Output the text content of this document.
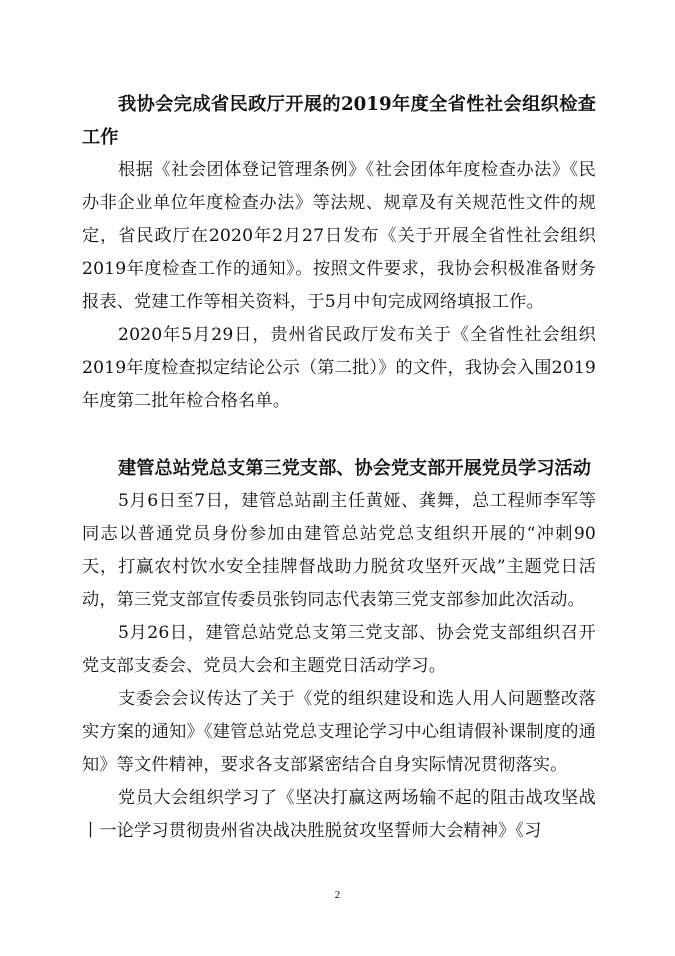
我协会完成省民政厅开展的2019年度全省性社会组织检查工作

根据《社会团体登记管理条例》《社会团体年度检查办法》《民办非企业单位年度检查办法》等法规、规章及有关规范性文件的规定，省民政厅在2020年2月27日发布《关于开展全省性社会组织2019年度检查工作的通知》。按照文件要求，我协会积极准备财务报表、党建工作等相关资料，于5月中旬完成网络填报工作。

2020年5月29日，贵州省民政厅发布关于《全省性社会组织 2019年度检查拟定结论公示（第二批）》的文件，我协会入围2019年度第二批年检合格名单。

建管总站党总支第三党支部、协会党支部开展党员学习活动

5月6日至7日，建管总站副主任黄娅、龚舞，总工程师李军等同志以普通党员身份参加由建管总站党总支组织开展的“冲刺90天，打赢农村饮水安全挂牌督战助力脱贫攻坚歼灭战”主题党日活动，第三党支部宣传委员张钧同志代表第三党支部参加此次活动。

5月26日，建管总站党总支第三党支部、协会党支部组织召开党支部支委会、党员大会和主题党日活动学习。

支委会会议传达了关于《党的组织建设和选人用人问题整改落实方案的通知》《建管总站党总支理论学习中心组请假补课制度的通知》等文件精神，要求各支部紧密结合自身实际情况贯彻落实。

党员大会组织学习了《坚决打赢这两场输不起的阻击战攻坚战丨一论学习贯彻贵州省决战决胜脱贫攻坚誓师大会精神》《习

2
